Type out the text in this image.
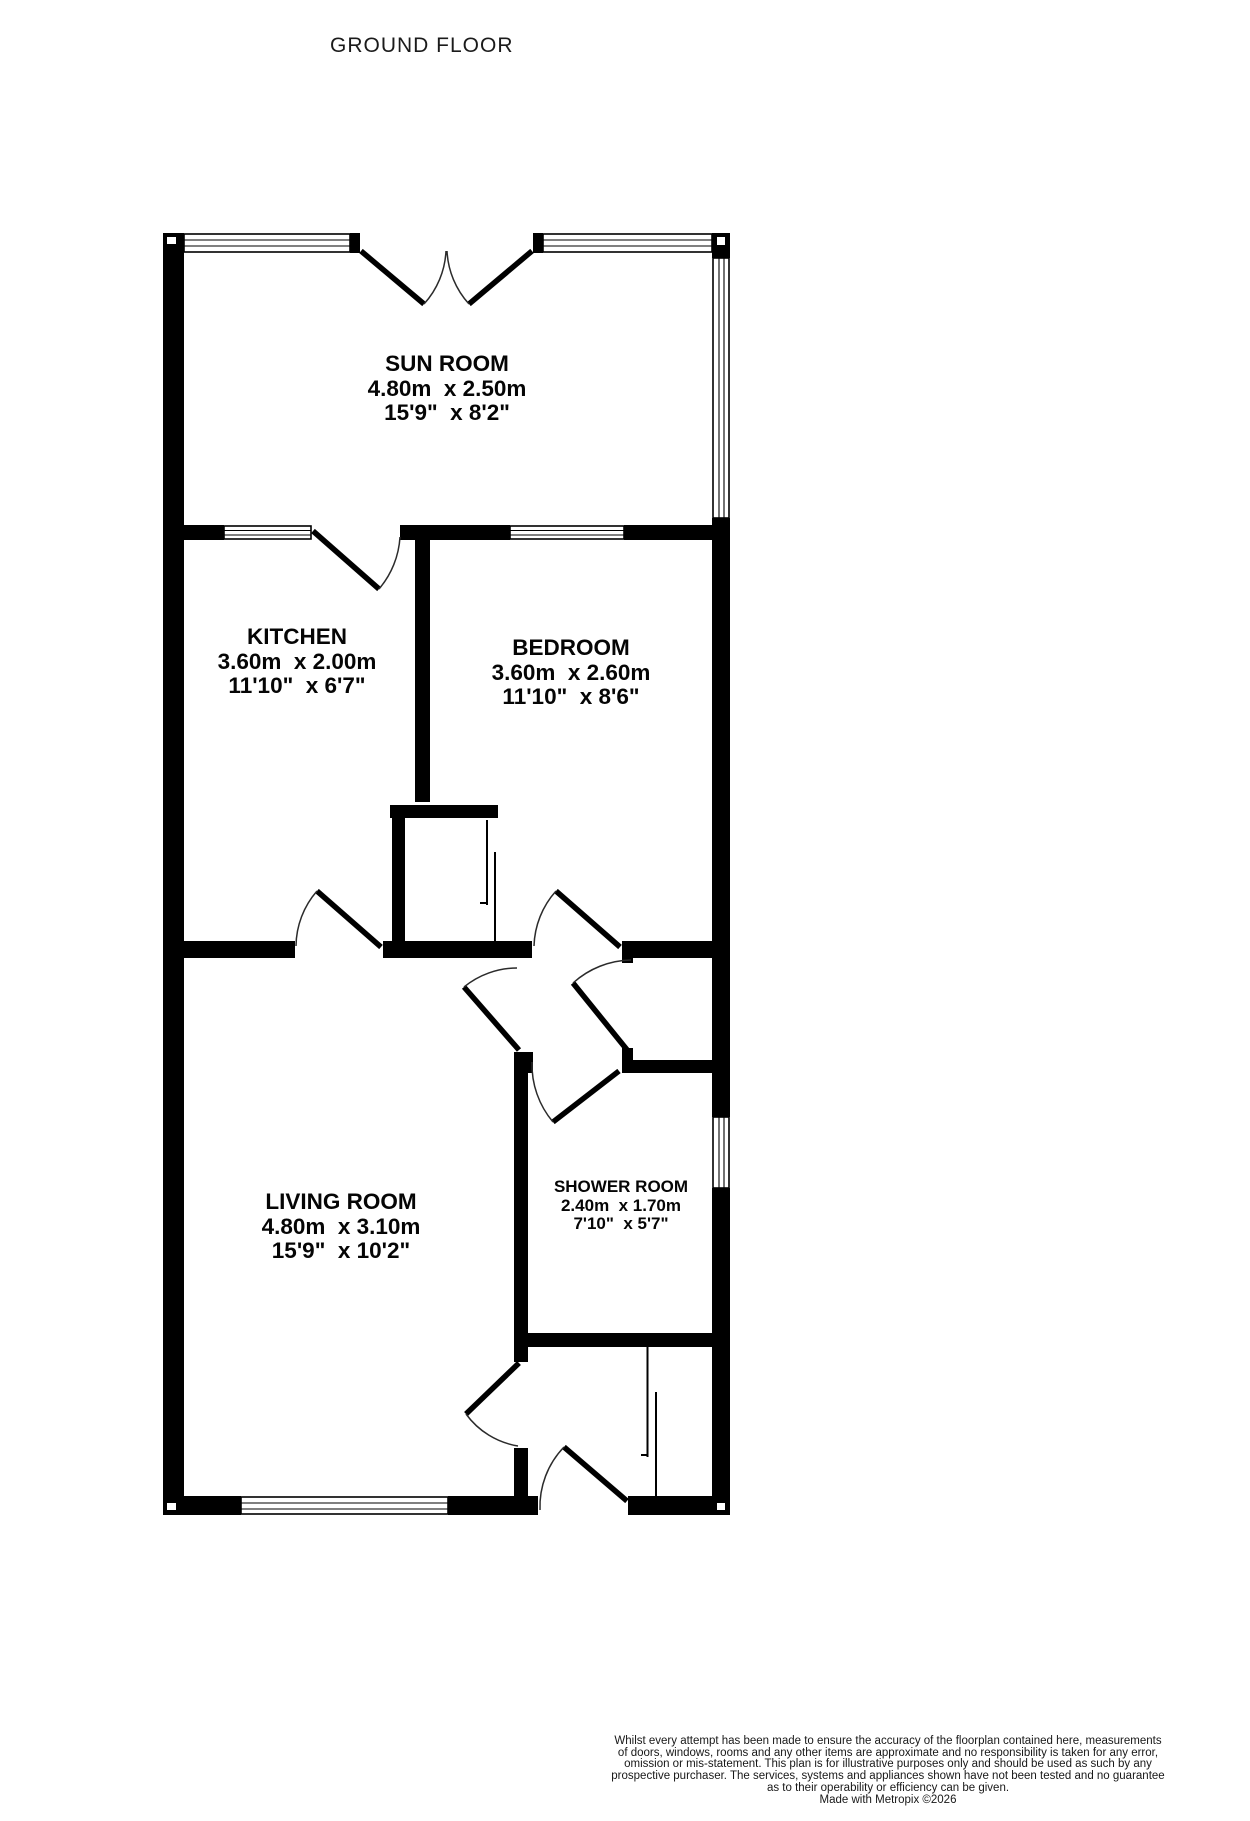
GROUND FLOOR
SUN ROOM
4.80m  x 2.50m
15'9"  x 8'2"
KITCHEN
3.60m  x 2.00m
11'10"  x 6'7"
BEDROOM
3.60m  x 2.60m
11'10"  x 8'6"
LIVING ROOM
4.80m  x 3.10m
15'9"  x 10'2"
SHOWER ROOM
2.40m  x 1.70m
7'10"  x 5'7"
Whilst every attempt has been made to ensure the accuracy of the floorplan contained here, measurements
of doors, windows, rooms and any other items are approximate and no responsibility is taken for any error,
omission or mis-statement. This plan is for illustrative purposes only and should be used as such by any
prospective purchaser. The services, systems and appliances shown have not been tested and no guarantee
as to their operability or efficiency can be given.
Made with Metropix ©2026
